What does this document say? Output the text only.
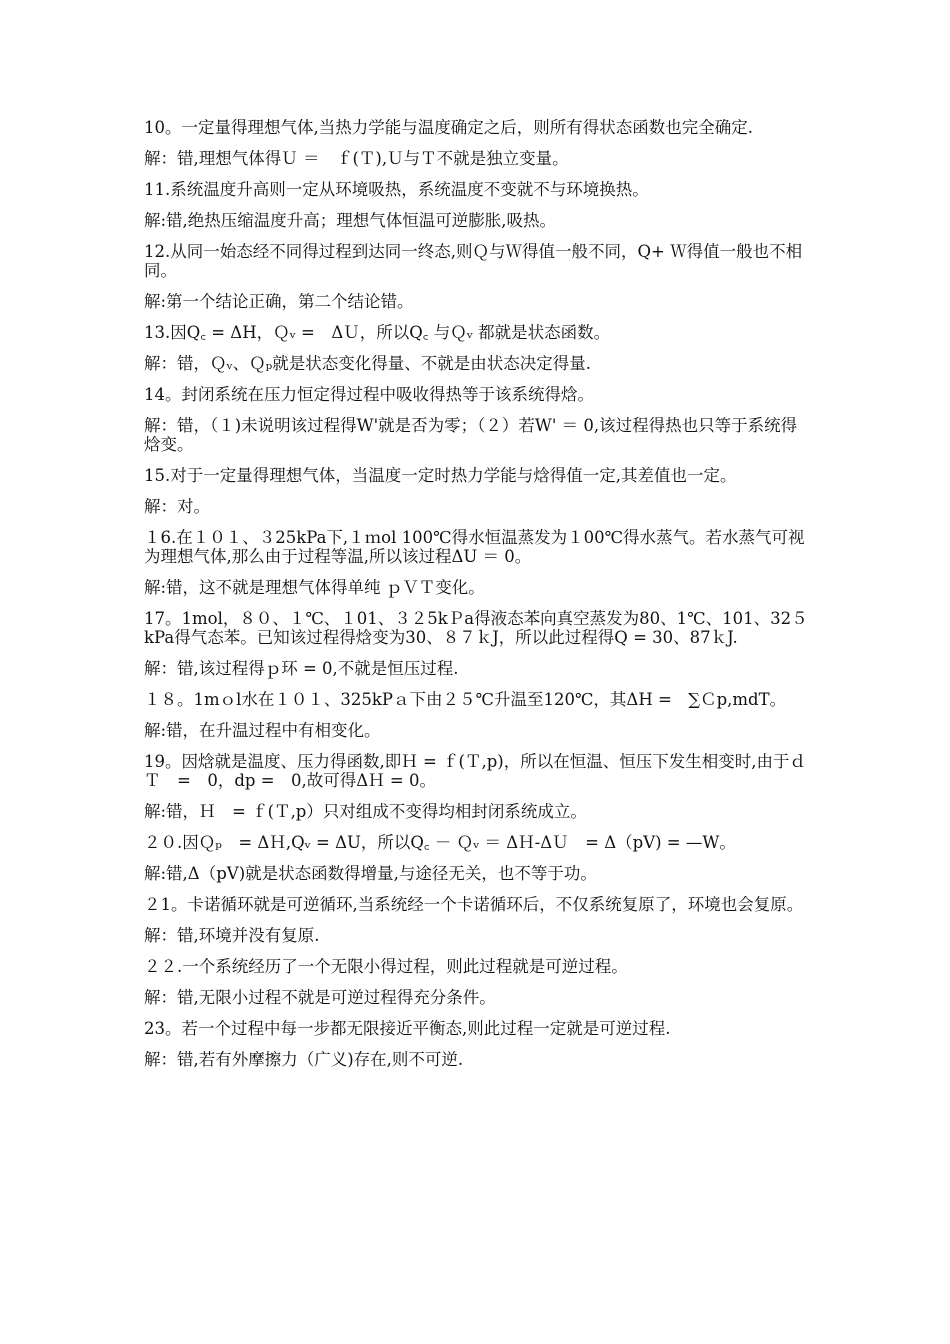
10。一定量得理想气体,当热力学能与温度确定之后，则所有得状态函数也完全确定.

解：错,理想气体得Ｕ ＝　ｆ(Ｔ),Ｕ与Ｔ不就是独立变量。

11.系统温度升高则一定从环境吸热，系统温度不变就不与环境换热。

解:错,绝热压缩温度升高；理想气体恒温可逆膨胀,吸热。

12.从同一始态经不同得过程到达同一终态,则Ｑ与Ｗ得值一般不同，Q+ Ｗ得值一般也不相同。

解:第一个结论正确，第二个结论错。

13.因Q꜀ = ΔH，Ｑᵥ =　ΔＵ，所以Q꜀ 与Ｑᵥ 都就是状态函数。

解：错，Ｑᵥ、Ｑₚ就是状态变化得量、不就是由状态决定得量.

14。封闭系统在压力恒定得过程中吸收得热等于该系统得焓。

解：错，（１)未说明该过程得W'就是否为零；（２）若W' ＝ 0,该过程得热也只等于系统得焓变。

15.对于一定量得理想气体，当温度一定时热力学能与焓得值一定,其差值也一定。

解：对。

１6.在１０１、３25kPa下,１ｍol 100℃得水恒温蒸发为１00℃得水蒸气。若水蒸气可视为理想气体,那么由于过程等温,所以该过程ΔU ＝ 0。

解:错，这不就是理想气体得单纯 ｐＶＴ变化。

17。1mol，８０、１℃、１01、３２5kＰa得液态苯向真空蒸发为80、1℃、101、32５kPa得气态苯。已知该过程得焓变为30、８７ｋJ，所以此过程得Q = 30、87ｋJ.

解：错,该过程得ｐ环 = 0,不就是恒压过程.

１８。1mｏl水在１０１、325kPａ下由２５℃升温至120℃，其ΔH =　∑Ｃp,mdT。

解:错，在升温过程中有相变化。

19。因焓就是温度、压力得函数,即Ｈ = ｆ(Ｔ,p)，所以在恒温、恒压下发生相变时,由于ｄＴ　=　0，dp =　0,故可得ΔＨ = 0。

解:错，Ｈ　= ｆ(Ｔ,p）只对组成不变得均相封闭系统成立。

２０.因Ｑₚ　= ΔＨ,Qᵥ = ΔU，所以Q꜀ － Ｑᵥ ＝ ΔＨ-ΔＵ　= Δ（pV) = —W。

解:错,Δ（pV)就是状态函数得增量,与途径无关，也不等于功。

２1。卡诺循环就是可逆循环,当系统经一个卡诺循环后，不仅系统复原了，环境也会复原。

解：错,环境并没有复原.

２２.一个系统经历了一个无限小得过程，则此过程就是可逆过程。

解：错,无限小过程不就是可逆过程得充分条件。

23。若一个过程中每一步都无限接近平衡态,则此过程一定就是可逆过程.

解：错,若有外摩擦力（广义)存在,则不可逆.
